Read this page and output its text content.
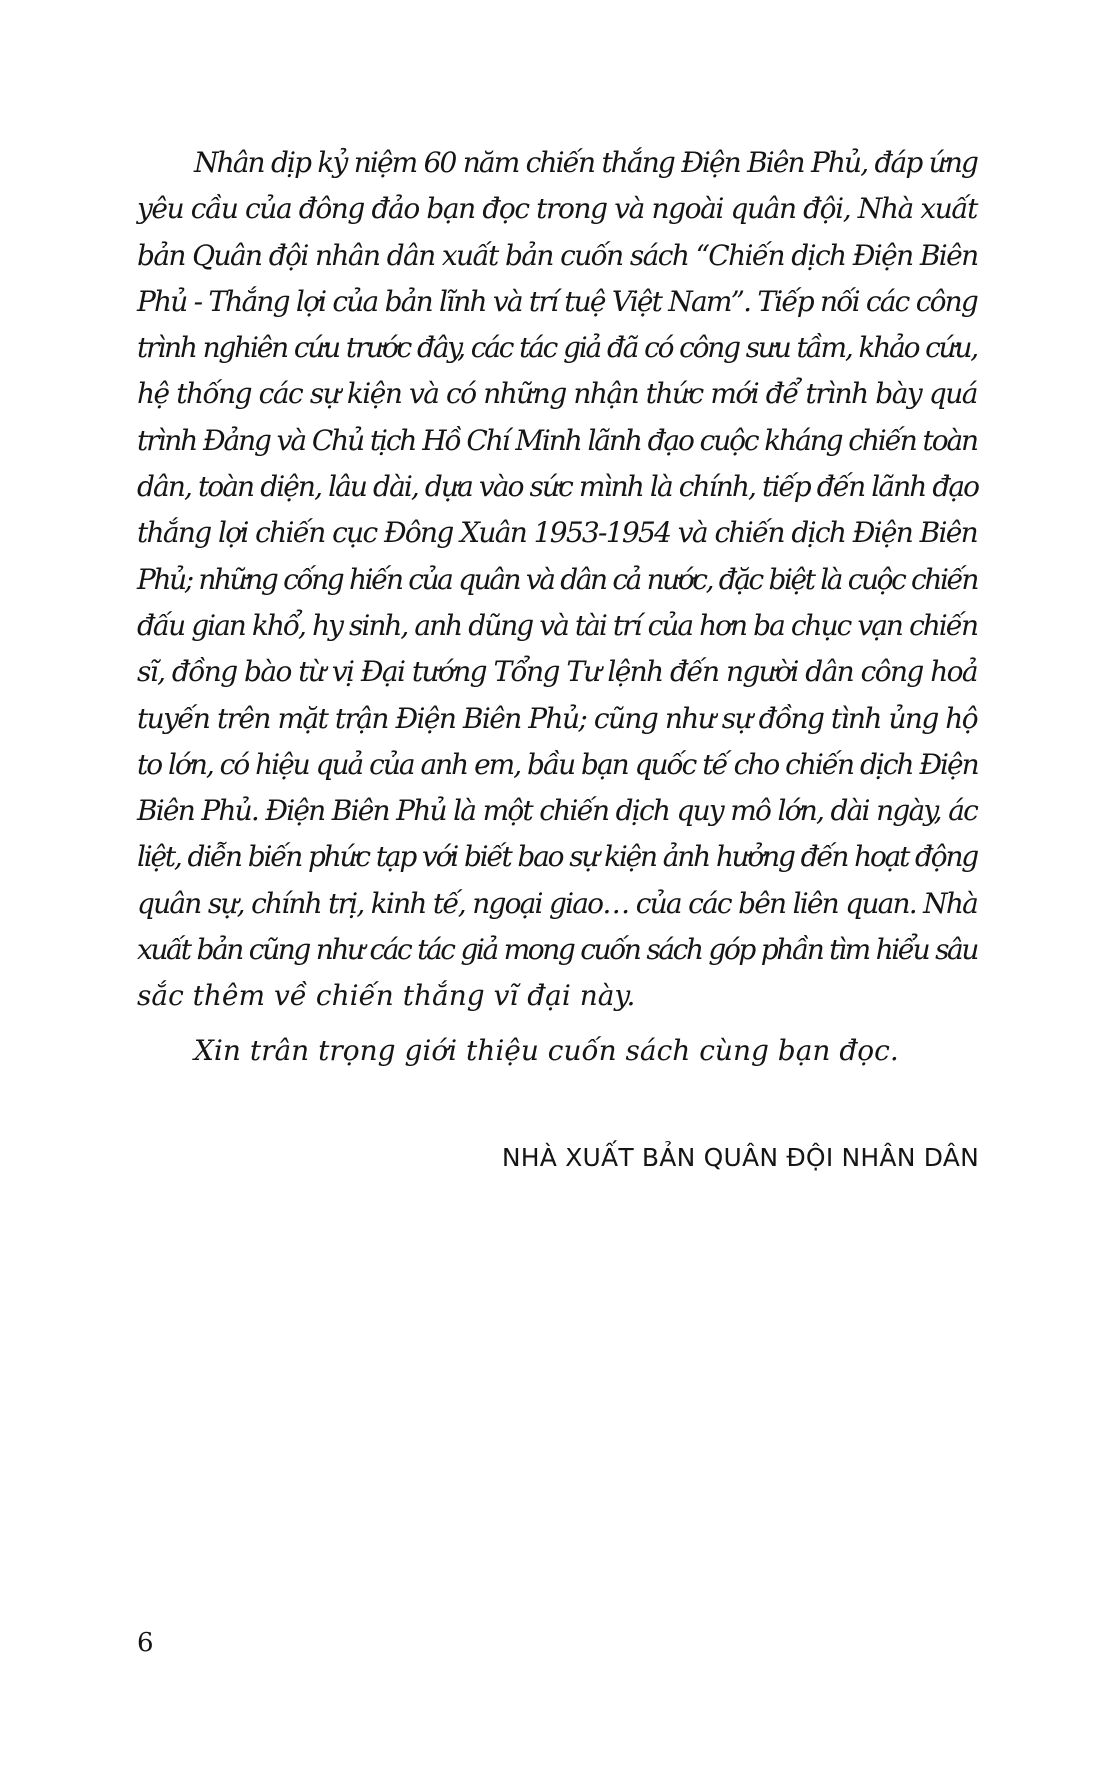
Nhân dịp kỷ niệm 60 năm chiến thắng Điện Biên Phủ, đáp ứng
yêu cầu của đông đảo bạn đọc trong và ngoài quân đội, Nhà xuất
bản Quân đội nhân dân xuất bản cuốn sách “Chiến dịch Điện Biên
Phủ - Thắng lợi của bản lĩnh và trí tuệ Việt Nam”. Tiếp nối các công
trình nghiên cứu trước đây, các tác giả đã có công sưu tầm, khảo cứu,
hệ thống các sự kiện và có những nhận thức mới để trình bày quá
trình Đảng và Chủ tịch Hồ Chí Minh lãnh đạo cuộc kháng chiến toàn
dân, toàn diện, lâu dài, dựa vào sức mình là chính, tiếp đến lãnh đạo
thắng lợi chiến cục Đông Xuân 1953-1954 và chiến dịch Điện Biên
Phủ; những cống hiến của quân và dân cả nước, đặc biệt là cuộc chiến
đấu gian khổ, hy sinh, anh dũng và tài trí của hơn ba chục vạn chiến
sĩ, đồng bào từ vị Đại tướng Tổng Tư lệnh đến người dân công hoả
tuyến trên mặt trận Điện Biên Phủ; cũng như sự đồng tình ủng hộ
to lớn, có hiệu quả của anh em, bầu bạn quốc tế cho chiến dịch Điện
Biên Phủ. Điện Biên Phủ là một chiến dịch quy mô lớn, dài ngày, ác
liệt, diễn biến phức tạp với biết bao sự kiện ảnh hưởng đến hoạt động
quân sự, chính trị, kinh tế, ngoại giao… của các bên liên quan. Nhà
xuất bản cũng như các tác giả mong cuốn sách góp phần tìm hiểu sâu
sắc thêm về chiến thắng vĩ đại này.
Xin trân trọng giới thiệu cuốn sách cùng bạn đọc.
NHÀ XUẤT BẢN QUÂN ĐỘI NHÂN DÂN
6
